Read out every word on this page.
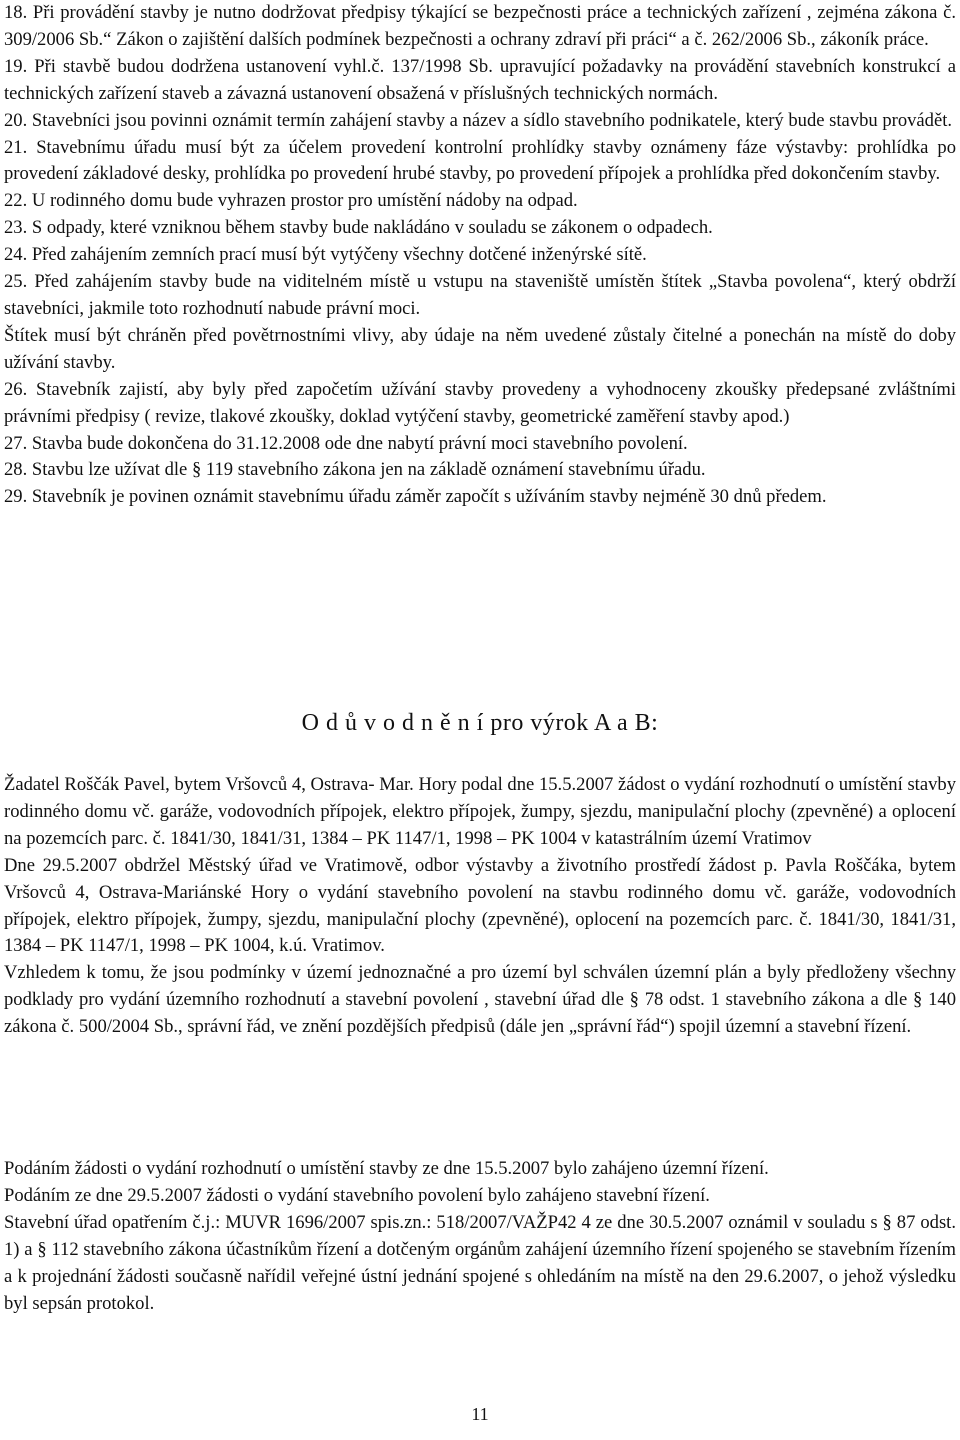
18. Při provádění stavby je nutno dodržovat předpisy týkající se bezpečnosti práce a technických zařízení , zejména zákona č. 309/2006 Sb.“ Zákon o zajištění dalších podmínek bezpečnosti a ochrany zdraví při práci“ a č. 262/2006 Sb., zákoník práce.

19. Při stavbě budou dodržena ustanovení vyhl.č. 137/1998 Sb. upravující požadavky na provádění stavebních konstrukcí a technických zařízení staveb a závazná ustanovení obsažená v příslušných technických normách.

20. Stavebníci jsou povinni oznámit termín zahájení stavby a název a sídlo stavebního podnikatele, který bude stavbu provádět.

21. Stavebnímu úřadu musí být za účelem provedení kontrolní prohlídky stavby oznámeny fáze výstavby: prohlídka po provedení základové desky, prohlídka po provedení hrubé stavby, po provedení přípojek a prohlídka před dokončením stavby.

22. U rodinného domu bude vyhrazen prostor pro umístění nádoby na odpad.

23. S odpady, které vzniknou během stavby bude nakládáno v souladu se zákonem o odpadech.

24. Před zahájením zemních prací musí být vytýčeny všechny dotčené inženýrské sítě.

25. Před zahájením stavby bude na viditelném místě u vstupu na staveniště umístěn štítek „Stavba povolena“, který obdrží stavebníci, jakmile toto rozhodnutí nabude právní moci.

Štítek musí být chráněn před povětrnostními vlivy, aby údaje na něm uvedené zůstaly čitelné a ponechán na místě do doby užívání stavby.

26. Stavebník zajistí, aby byly před započetím užívání stavby provedeny a vyhodnoceny zkoušky předepsané zvláštními právními předpisy ( revize, tlakové zkoušky, doklad vytýčení stavby, geometrické zaměření stavby apod.)

27. Stavba bude dokončena do 31.12.2008 ode dne nabytí právní moci stavebního povolení.

28. Stavbu lze užívat dle § 119 stavebního zákona jen na základě oznámení stavebnímu úřadu.

29. Stavebník je povinen oznámit stavebnímu úřadu záměr započít s užíváním stavby nejméně 30 dnů předem.

O d ů v o d n ě n í pro výrok A a B:

Žadatel Roščák Pavel, bytem Vršovců 4, Ostrava- Mar. Hory podal dne 15.5.2007 žádost o vydání rozhodnutí o umístění stavby rodinného domu vč. garáže, vodovodních přípojek, elektro přípojek, žumpy, sjezdu, manipulační plochy (zpevněné) a oplocení na pozemcích parc. č. 1841/30, 1841/31, 1384 – PK 1147/1, 1998 – PK 1004 v katastrálním území Vratimov

Dne 29.5.2007 obdržel Městský úřad ve Vratimově, odbor výstavby a životního prostředí žádost p. Pavla Roščáka, bytem Vršovců 4, Ostrava-Mariánské Hory o vydání stavebního povolení na stavbu rodinného domu vč. garáže, vodovodních přípojek, elektro přípojek, žumpy, sjezdu, manipulační plochy (zpevněné), oplocení na pozemcích parc. č. 1841/30, 1841/31, 1384 – PK 1147/1, 1998 – PK 1004, k.ú. Vratimov.

Vzhledem k tomu, že jsou podmínky v území jednoznačné a pro území byl schválen územní plán a byly předloženy všechny podklady pro vydání územního rozhodnutí a stavební povolení , stavební úřad dle § 78 odst. 1 stavebního zákona a dle § 140 zákona č. 500/2004 Sb., správní řád, ve znění pozdějších předpisů (dále jen „správní řád“) spojil územní a stavební řízení.

Podáním žádosti o vydání rozhodnutí o umístění stavby ze dne 15.5.2007 bylo zahájeno územní řízení.

Podáním ze dne 29.5.2007 žádosti o vydání stavebního povolení bylo zahájeno stavební řízení.

Stavební úřad opatřením č.j.: MUVR 1696/2007 spis.zn.: 518/2007/VAŽP42 4 ze dne 30.5.2007 oznámil v souladu s § 87 odst. 1) a § 112 stavebního zákona účastníkům řízení a dotčeným orgánům zahájení územního řízení spojeného se stavebním řízením a k projednání žádosti současně nařídil veřejné ústní jednání spojené s ohledáním na místě na den 29.6.2007, o jehož výsledku byl sepsán protokol.

11
